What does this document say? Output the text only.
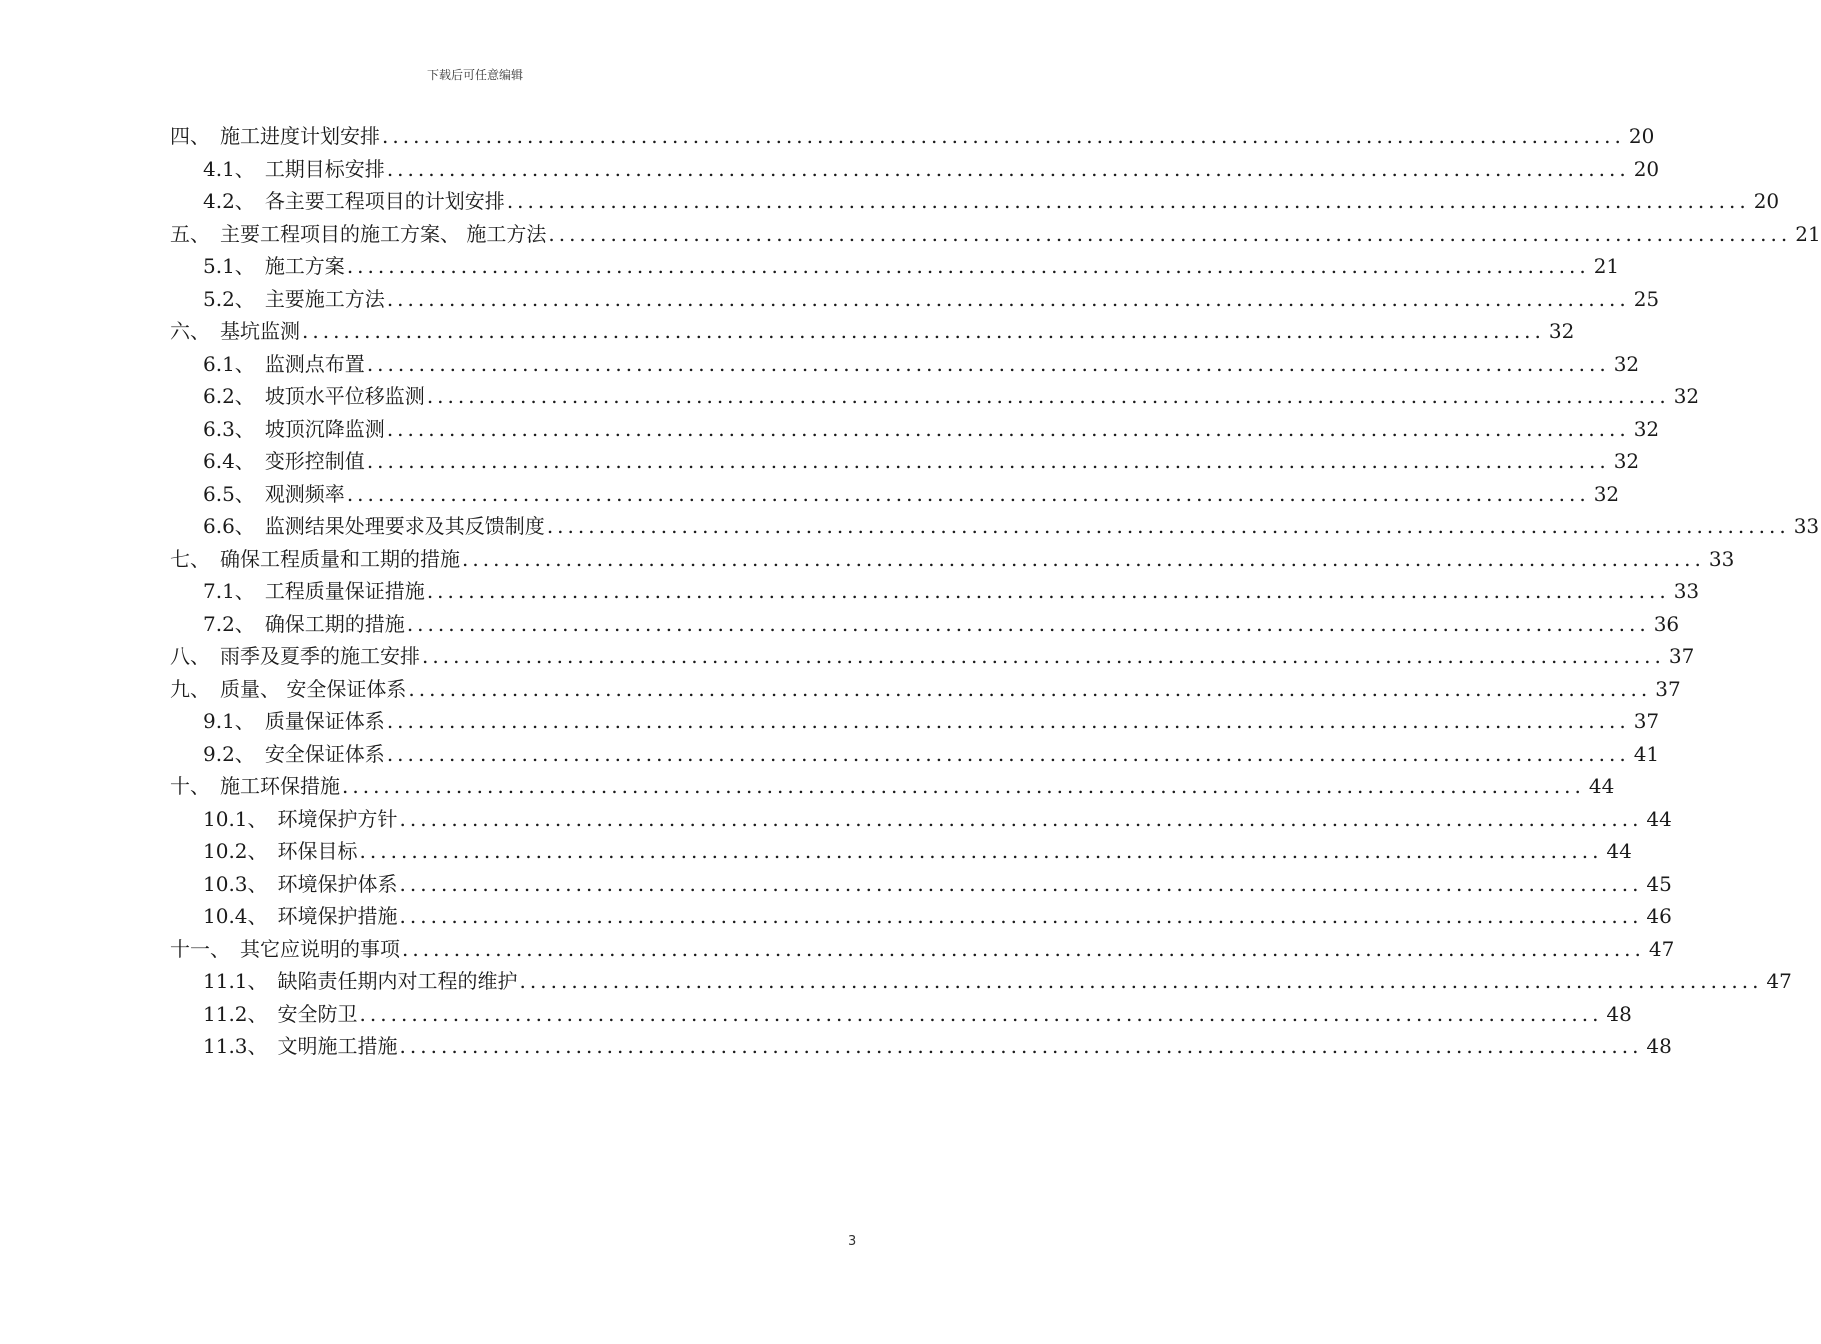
下载后可任意编辑
四、 施工进度计划安排 ........................................................................................................................ 20
4.1、 工期目标安排 ........................................................................................................................ 20
4.2、 各主要工程项目的计划安排 ........................................................................................................................ 20
五、 主要工程项目的施工方案、 施工方法 ........................................................................................................................ 21
5.1、 施工方案 ........................................................................................................................ 21
5.2、 主要施工方法 ........................................................................................................................ 25
六、 基坑监测 ........................................................................................................................ 32
6.1、 监测点布置 ........................................................................................................................ 32
6.2、 坡顶水平位移监测 ........................................................................................................................ 32
6.3、 坡顶沉降监测 ........................................................................................................................ 32
6.4、 变形控制值 ........................................................................................................................ 32
6.5、 观测频率 ........................................................................................................................ 32
6.6、 监测结果处理要求及其反馈制度 ........................................................................................................................ 33
七、 确保工程质量和工期的措施 ........................................................................................................................ 33
7.1、 工程质量保证措施 ........................................................................................................................ 33
7.2、 确保工期的措施 ........................................................................................................................ 36
八、 雨季及夏季的施工安排 ........................................................................................................................ 37
九、 质量、 安全保证体系 ........................................................................................................................ 37
9.1、 质量保证体系 ........................................................................................................................ 37
9.2、 安全保证体系 ........................................................................................................................ 41
十、 施工环保措施 ........................................................................................................................ 44
10.1、 环境保护方针 ........................................................................................................................ 44
10.2、 环保目标 ........................................................................................................................ 44
10.3、 环境保护体系 ........................................................................................................................ 45
10.4、 环境保护措施 ........................................................................................................................ 46
十一、 其它应说明的事项 ........................................................................................................................ 47
11.1、 缺陷责任期内对工程的维护 ........................................................................................................................ 47
11.2、 安全防卫 ........................................................................................................................ 48
11.3、 文明施工措施 ........................................................................................................................ 48
3
